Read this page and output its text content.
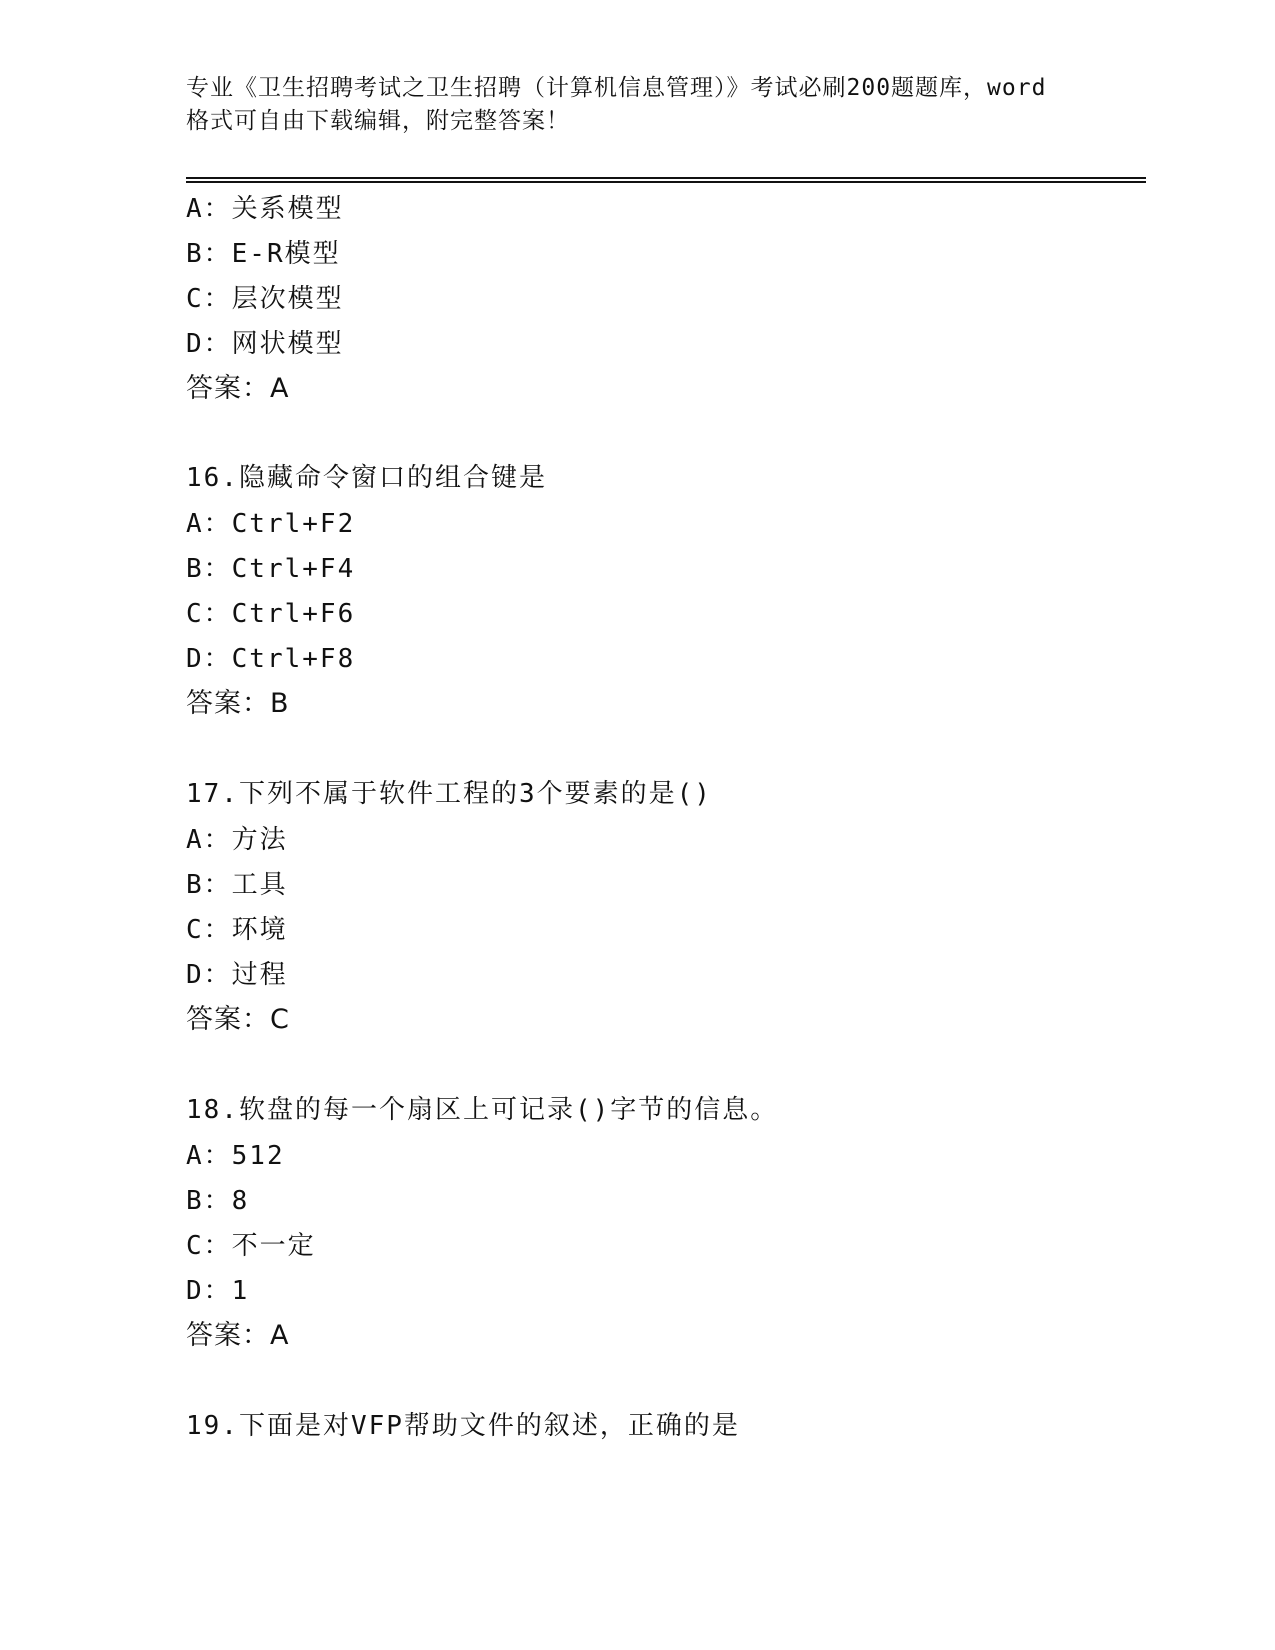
专业《卫生招聘考试之卫生招聘（计算机信息管理）》考试必刷200题题库，word
格式可自由下载编辑，附完整答案！
A：关系模型
B：E-R模型
C：层次模型
D：网状模型
答案：A
16.隐藏命令窗口的组合键是
A：Ctrl+F2
B：Ctrl+F4
C：Ctrl+F6
D：Ctrl+F8
答案：B
17.下列不属于软件工程的3个要素的是()
A：方法
B：工具
C：环境
D：过程
答案：C
18.软盘的每一个扇区上可记录()字节的信息。
A：512
B：8
C：不一定
D：1
答案：A
19.下面是对VFP帮助文件的叙述，正确的是
